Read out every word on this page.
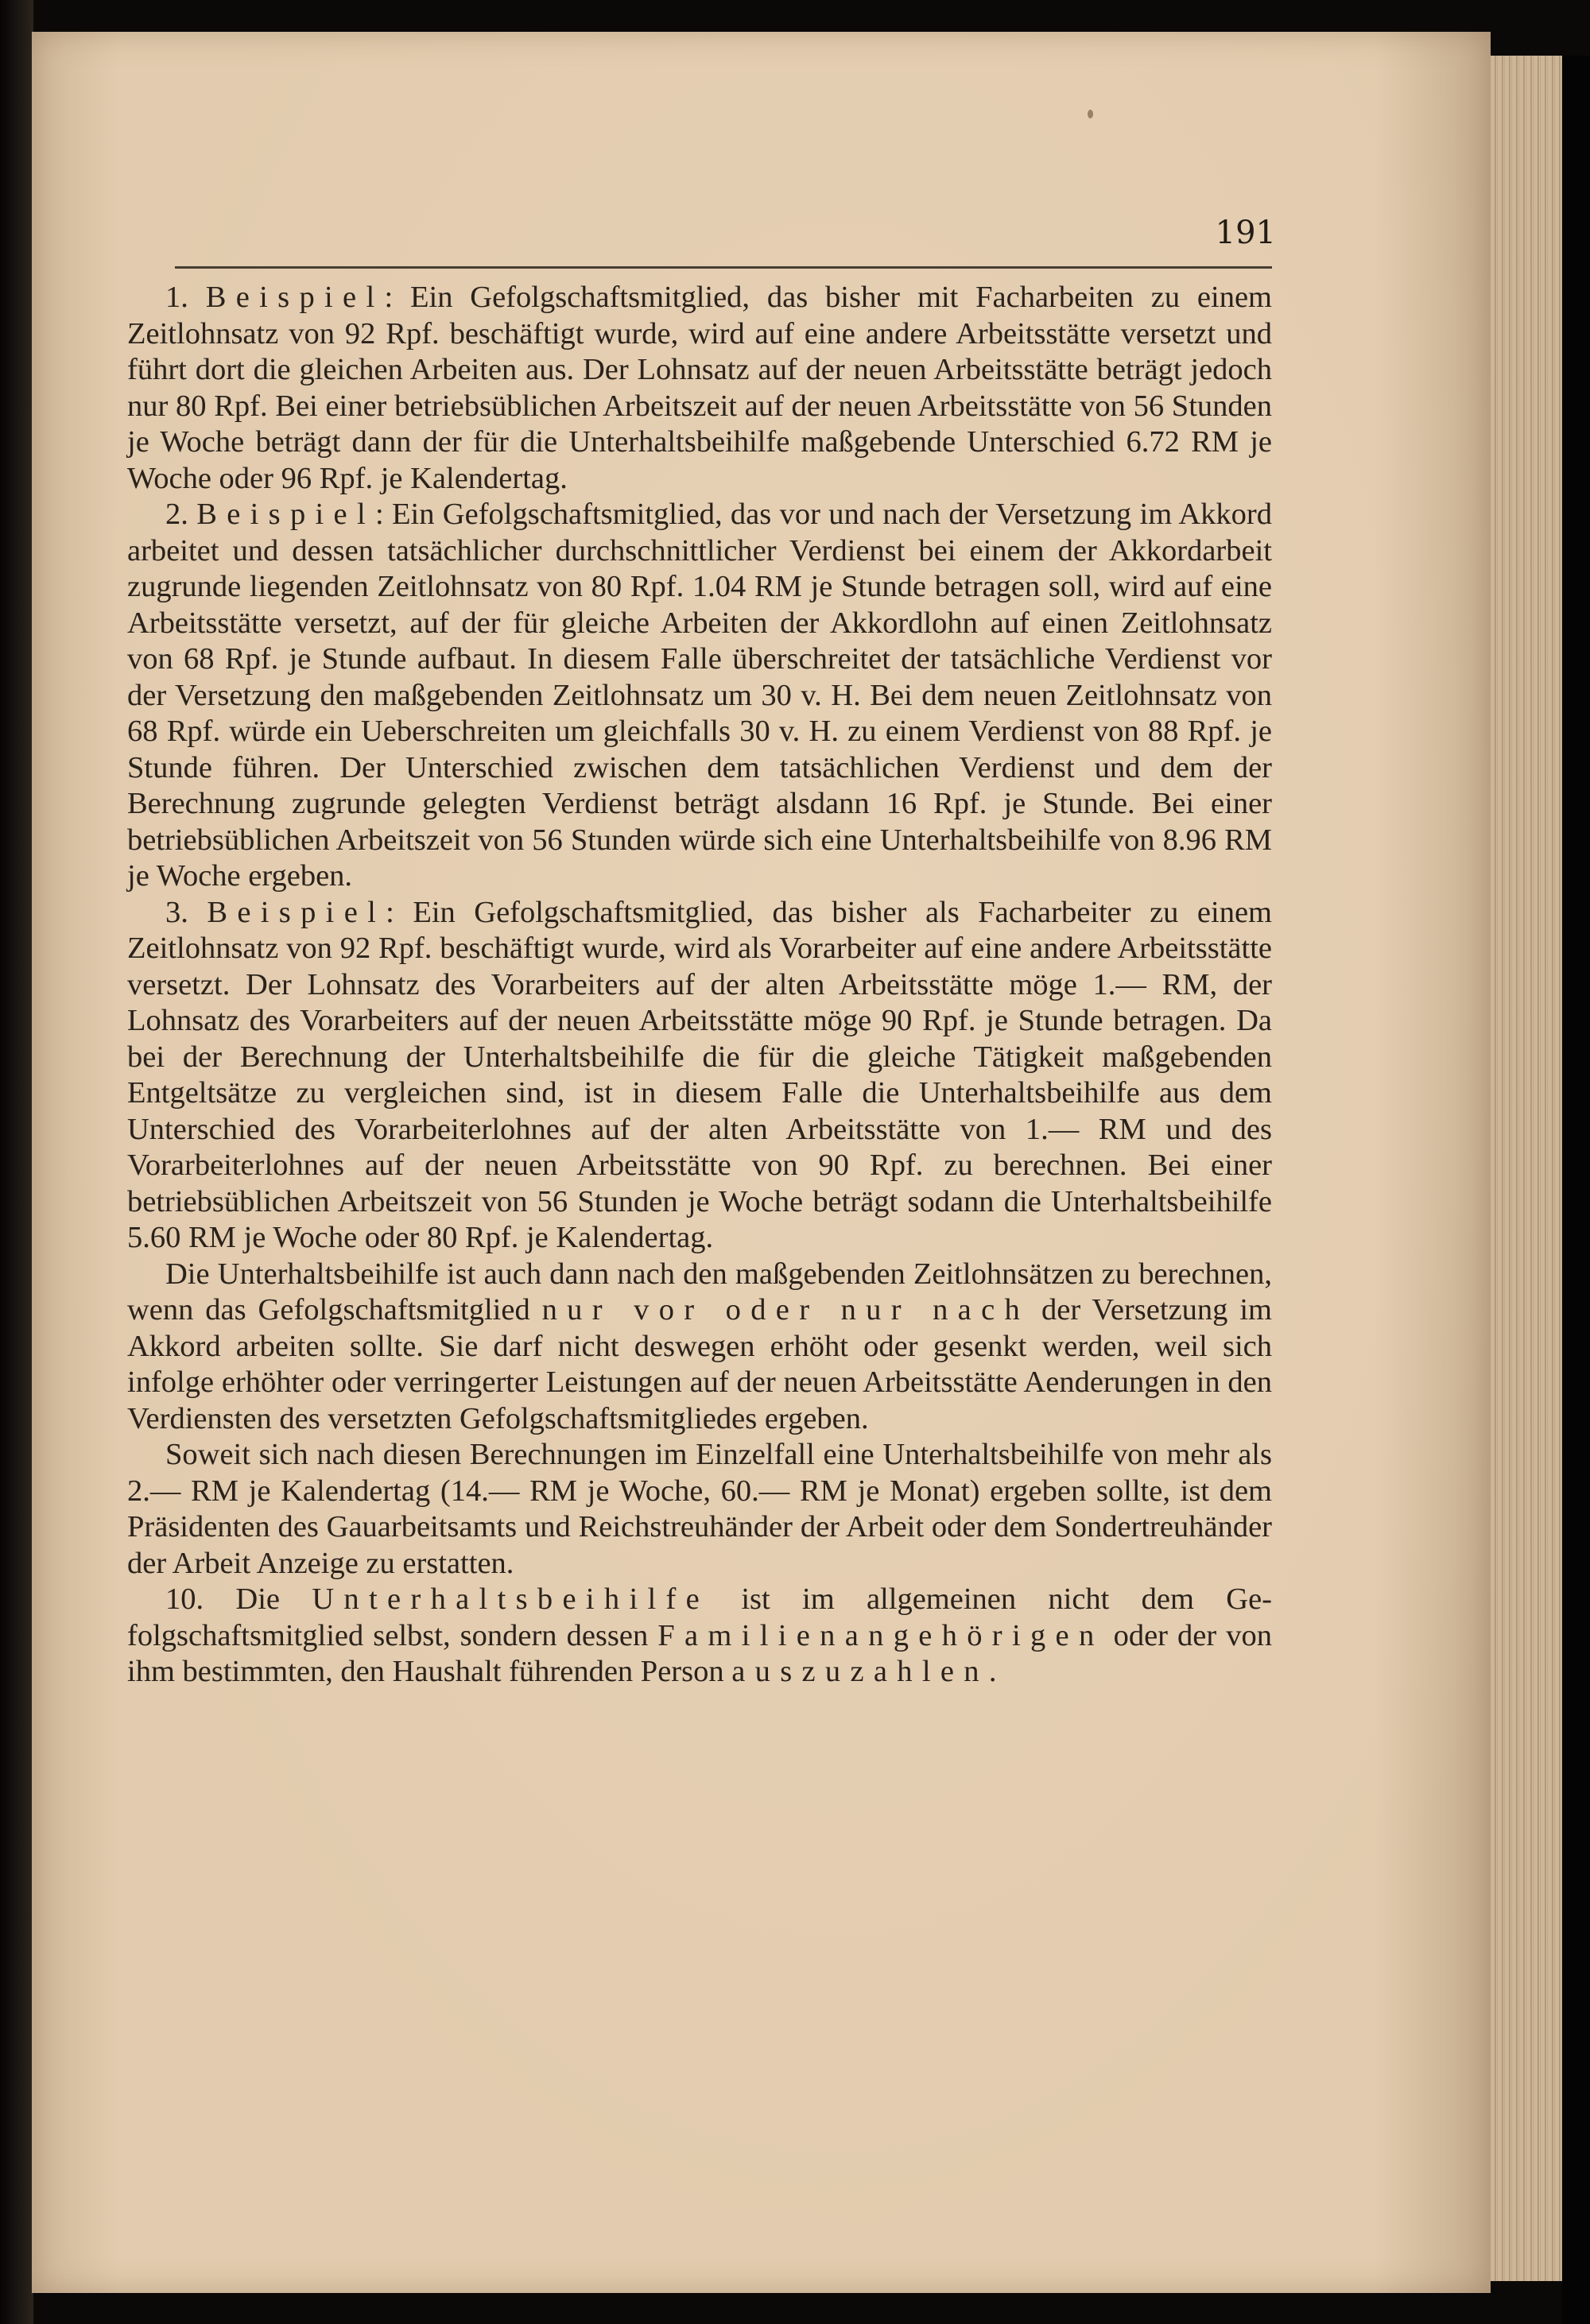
191

1. Beispiel: Ein Gefolgschaftsmitglied, das bisher mit Facharbeiten zu einem Zeitlohnsatz von 92 Rpf. beschäftigt wurde, wird auf eine andere Arbeitsstätte versetzt und führt dort die gleichen Arbeiten aus. Der Lohnsatz auf der neuen Arbeitsstätte beträgt jedoch nur 80 Rpf. Bei einer betriebsüblichen Arbeitszeit auf der neuen Arbeitsstätte von 56 Stunden je Woche beträgt dann der für die Unterhaltsbeihilfe maßgebende Unterschied 6.72 RM je Woche oder 96 Rpf. je Kalendertag.

2. Beispiel: Ein Gefolgschaftsmitglied, das vor und nach der Versetzung im Akkord arbeitet und dessen tatsächlicher durchschnittlicher Verdienst bei einem der Akkordarbeit zugrunde liegenden Zeitlohnsatz von 80 Rpf. 1.04 RM je Stunde betragen soll, wird auf eine Arbeitsstätte versetzt, auf der für gleiche Arbeiten der Akkordlohn auf einen Zeitlohnsatz von 68 Rpf. je Stunde aufbaut. In diesem Falle überschreitet der tatsächliche Verdienst vor der Versetzung den maßgebenden Zeitlohnsatz um 30 v. H. Bei dem neuen Zeitlohnsatz von 68 Rpf. würde ein Ueberschreiten um gleichfalls 30 v. H. zu einem Verdienst von 88 Rpf. je Stunde führen. Der Unterschied zwischen dem tatsächlichen Verdienst und dem der Berechnung zugrunde gelegten Verdienst beträgt alsdann 16 Rpf. je Stunde. Bei einer betriebsüblichen Arbeitszeit von 56 Stunden würde sich eine Unterhaltsbeihilfe von 8.96 RM je Woche ergeben.

3. Beispiel: Ein Gefolgschaftsmitglied, das bisher als Facharbeiter zu einem Zeitlohnsatz von 92 Rpf. beschäftigt wurde, wird als Vorarbeiter auf eine andere Arbeitsstätte versetzt. Der Lohnsatz des Vorarbeiters auf der alten Arbeitsstätte möge 1.— RM, der Lohnsatz des Vorarbeiters auf der neuen Arbeitsstätte möge 90 Rpf. je Stunde betragen. Da bei der Berechnung der Unterhaltsbeihilfe die für die gleiche Tätigkeit maßgebenden Entgeltsätze zu vergleichen sind, ist in diesem Falle die Unterhaltsbeihilfe aus dem Unterschied des Vorarbeiterlohnes auf der alten Arbeitsstätte von 1.— RM und des Vorarbeiterlohnes auf der neuen Arbeitsstätte von 90 Rpf. zu berechnen. Bei einer betriebsüblichen Arbeitszeit von 56 Stunden je Woche beträgt sodann die Unterhaltsbeihilfe 5.60 RM je Woche oder 80 Rpf. je Kalendertag.

Die Unterhaltsbeihilfe ist auch dann nach den maßgebenden Zeitlohnsätzen zu berechnen, wenn das Gefolgschaftsmitglied nur vor oder nur nach der Versetzung im Akkord arbeiten sollte. Sie darf nicht deswegen erhöht oder gesenkt werden, weil sich infolge erhöhter oder verringerter Leistungen auf der neuen Arbeitsstätte Aenderungen in den Verdiensten des versetzten Gefolgschaftsmitgliedes ergeben.

Soweit sich nach diesen Berechnungen im Einzelfall eine Unterhaltsbeihilfe von mehr als 2.— RM je Kalendertag (14.— RM je Woche, 60.— RM je Monat) ergeben sollte, ist dem Präsidenten des Gauarbeitsamts und Reichstreuhänder der Arbeit oder dem Sondertreuhänder der Arbeit Anzeige zu erstatten.

10. Die Unterhaltsbeihilfe ist im allgemeinen nicht dem Gefolgschaftsmitglied selbst, sondern dessen Familienangehörigen oder der von ihm bestimmten, den Haushalt führenden Person auszuzahlen.
